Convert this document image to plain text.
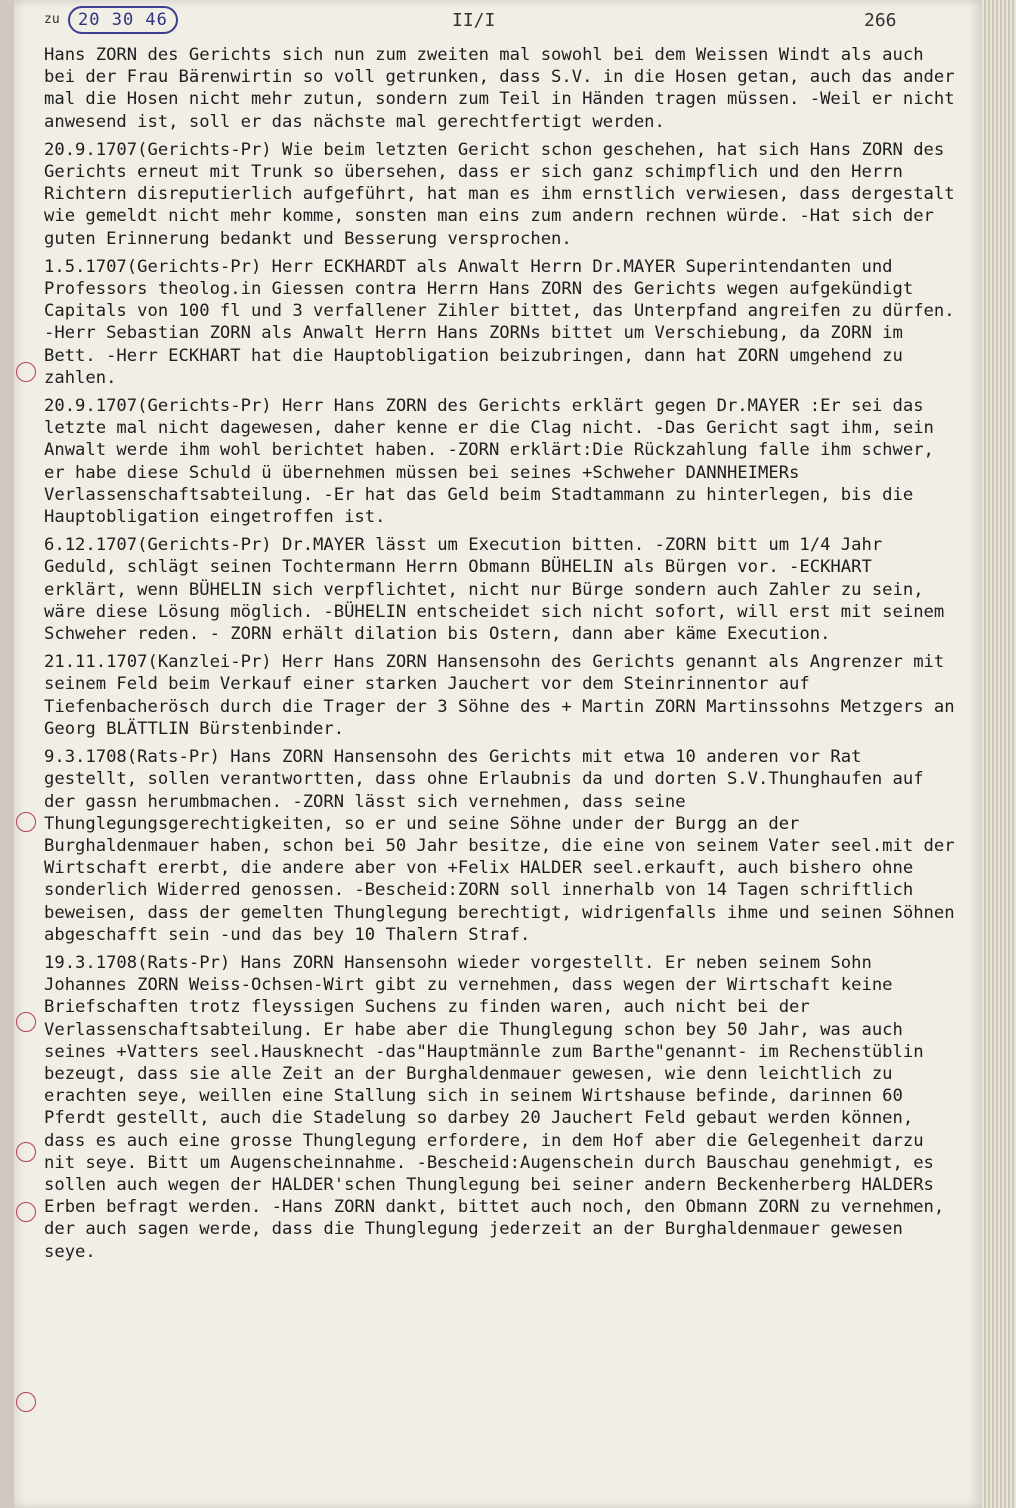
zu	20 30 46	II/I	266

Hans ZORN des Gerichts sich nun zum zweiten mal sowohl bei dem Weissen Windt als auch bei der Frau Bärenwirtin so voll getrunken, dass S.V. in die Hosen getan, auch das ander mal die Hosen nicht mehr zutun, sondern zum Teil in Händen tragen müssen. -Weil er nicht anwesend ist, soll er das nächste mal gerechtfertigt werden.

20.9.1707(Gerichts-Pr) Wie beim letzten Gericht schon geschehen, hat sich Hans ZORN des Gerichts erneut mit Trunk so übersehen, dass er sich ganz schimpflich und den Herrn Richtern disreputierlich aufgeführt, hat man es ihm ernstlich verwiesen, dass dergestalt wie gemeldt nicht mehr komme, sonsten man eins zum andern rechnen würde. -Hat sich der guten Erinnerung bedankt und Besserung versprochen.

1.5.1707(Gerichts-Pr) Herr ECKHARDT als Anwalt Herrn Dr.MAYER Superintendanten und Professors theolog.in Giessen contra Herrn Hans ZORN des Gerichts wegen aufgekündigt Capitals von 100 fl und 3 verfallener Zihler bittet, das Unterpfand angreifen zu dürfen. -Herr Sebastian ZORN als Anwalt Herrn Hans ZORNs bittet um Verschiebung, da ZORN im Bett. -Herr ECKHART hat die Hauptobligation beizubringen, dann hat ZORN umgehend zu zahlen.

20.9.1707(Gerichts-Pr) Herr Hans ZORN des Gerichts erklärt gegen Dr.MAYER :Er sei das letzte mal nicht dagewesen, daher kenne er die Clag nicht. -Das Gericht sagt ihm, sein Anwalt werde ihm wohl berichtet haben. -ZORN erklärt:Die Rückzahlung falle ihm schwer, er habe diese Schuld ü übernehmen müssen bei seines +Schweher DANNHEIMERs Verlassenschaftsabteilung. -Er hat das Geld beim Stadtammann zu hinterlegen, bis die Hauptobligation eingetroffen ist.

6.12.1707(Gerichts-Pr) Dr.MAYER lässt um Execution bitten. -ZORN bitt um 1/4 Jahr Geduld, schlägt seinen Tochtermann Herrn Obmann BÜHELIN als Bürgen vor. -ECKHART erklärt, wenn BÜHELIN sich verpflichtet, nicht nur Bürge sondern auch Zahler zu sein, wäre diese Lösung möglich. -BÜHELIN entscheidet sich nicht sofort, will erst mit seinem Schweher reden. - ZORN erhält dilation bis Ostern, dann aber käme Execution.

21.11.1707(Kanzlei-Pr) Herr Hans ZORN Hansensohn des Gerichts genannt als Angrenzer mit seinem Feld beim Verkauf einer starken Jauchert vor dem Steinrinnentor auf Tiefenbacherösch durch die Trager der 3 Söhne des + Martin ZORN Martinssohns Metzgers an Georg BLÄTTLIN Bürstenbinder.

9.3.1708(Rats-Pr) Hans ZORN Hansensohn des Gerichts mit etwa 10 anderen vor Rat gestellt, sollen verantwortten, dass ohne Erlaubnis da und dorten S.V.Thunghaufen auf der gassn herumbmachen. -ZORN lässt sich vernehmen, dass seine Thunglegungsgerechtigkeiten, so er und seine Söhne under der Burgg an der Burghaldenmauer haben, schon bei 50 Jahr besitze, die eine von seinem Vater seel.mit der Wirtschaft ererbt, die andere aber von +Felix HALDER seel.erkauft, auch bishero ohne sonderlich Widerred genossen. -Bescheid:ZORN soll innerhalb von 14 Tagen schriftlich beweisen, dass der gemelten Thunglegung berechtigt, widrigenfalls ihme und seinen Söhnen abgeschafft sein -und das bey 10 Thalern Straf.

19.3.1708(Rats-Pr) Hans ZORN Hansensohn wieder vorgestellt. Er neben seinem Sohn Johannes ZORN Weiss-Ochsen-Wirt gibt zu vernehmen, dass wegen der Wirtschaft keine Briefschaften trotz fleyssigen Suchens zu finden waren, auch nicht bei der Verlassenschaftsabteilung. Er habe aber die Thunglegung schon bey 50 Jahr, was auch seines +Vatters seel.Hausknecht -das"Hauptmännle zum Barthe"genannt- im Rechenstüblin bezeugt, dass sie alle Zeit an der Burghaldenmauer gewesen, wie denn leichtlich zu erachten seye, weillen eine Stallung sich in seinem Wirtshause befinde, darinnen 60 Pferdt gestellt, auch die Stadelung so darbey 20 Jauchert Feld gebaut werden können, dass es auch eine grosse Thunglegung erfordere, in dem Hof aber die Gelegenheit darzu nit seye. Bitt um Augenscheinnahme. -Bescheid:Augenschein durch Bauschau genehmigt, es sollen auch wegen der HALDER'schen Thunglegung bei seiner andern Beckenherberg HALDERs Erben befragt werden. -Hans ZORN dankt, bittet auch noch, den Obmann ZORN zu vernehmen, der auch sagen werde, dass die Thunglegung jederzeit an der Burghaldenmauer gewesen seye.
